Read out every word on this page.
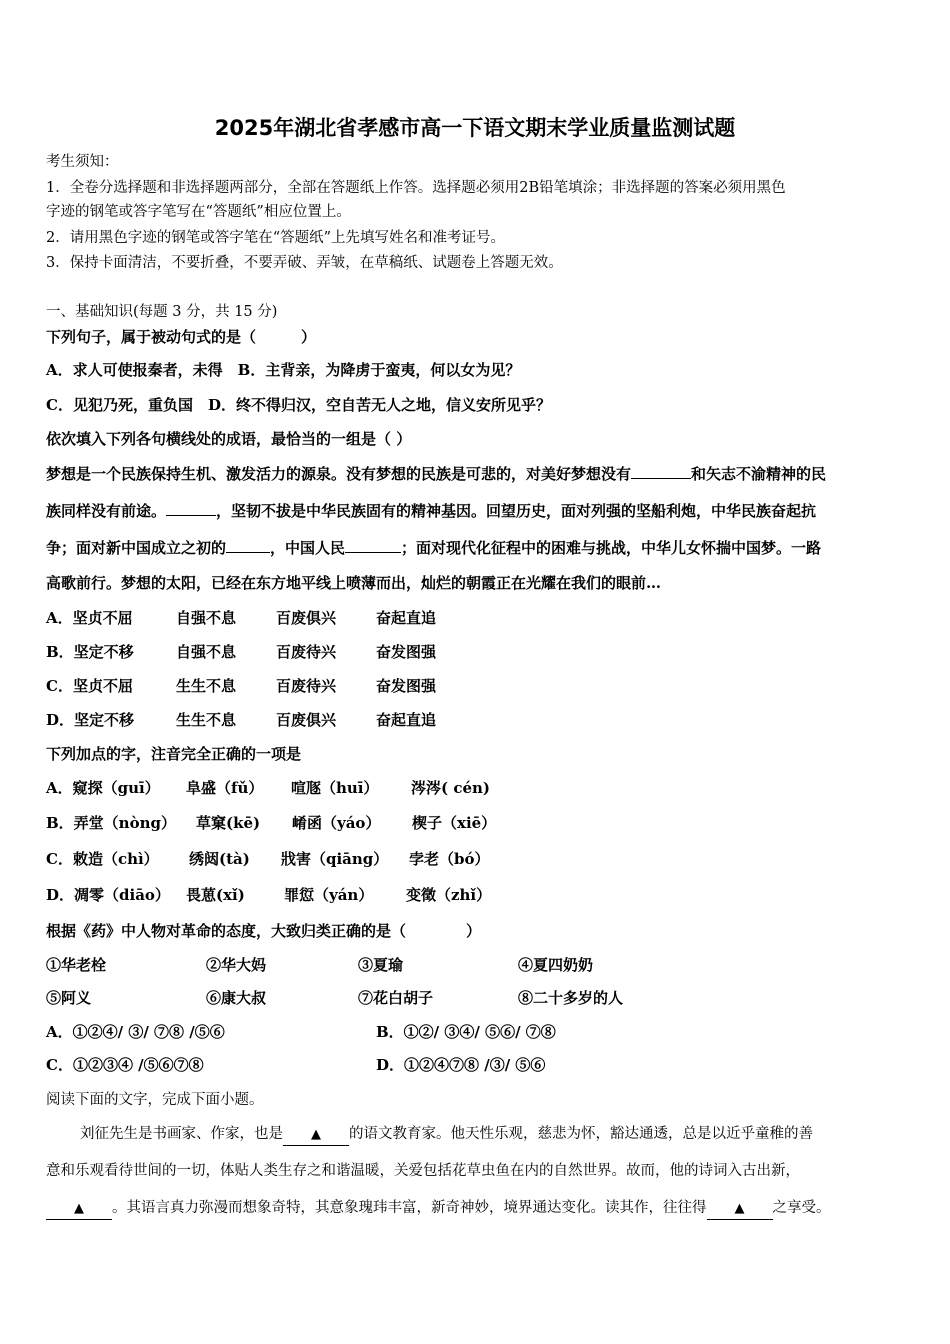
2025年湖北省孝感市高一下语文期末学业质量监测试题
考生须知：
1．全卷分选择题和非选择题两部分，全部在答题纸上作答。选择题必须用2B铅笔填涂；非选择题的答案必须用黑色
字迹的钢笔或答字笔写在“答题纸”相应位置上。
2．请用黑色字迹的钢笔或答字笔在“答题纸”上先填写姓名和准考证号。
3．保持卡面清洁，不要折叠，不要弄破、弄皱，在草稿纸、试题卷上答题无效。
一、基础知识(每题 3 分，共 15 分)
下列句子，属于被动句式的是（　　　）
A．求人可使报秦者，未得　B．主背亲，为降虏于蛮夷，何以女为见？
C．见犯乃死，重负国　D．终不得归汉，空自苦无人之地，信义安所见乎？
依次填入下列各句横线处的成语，最恰当的一组是（ ）
梦想是一个民族保持生机、激发活力的源泉。没有梦想的民族是可悲的，对美好梦想没有	和矢志不渝精神的民
族同样没有前途。	，坚韧不拔是中华民族固有的精神基因。回望历史，面对列强的坚船利炮，中华民族奋起抗
争；面对新中国成立之初的	，中国人民	；面对现代化征程中的困难与挑战，中华儿女怀揣中国梦。一路
高歌前行。梦想的太阳，已经在东方地平线上喷薄而出，灿烂的朝霞正在光耀在我们的眼前…
A．坚贞不屈	自强不息	百废俱兴	奋起直追
B．坚定不移	自强不息	百废待兴	奋发图强
C．坚贞不屈	生生不息	百废待兴	奋发图强
D．坚定不移	生生不息	百废俱兴	奋起直追
下列加点的字，注音完全正确的一项是
A．窥探（guī） 阜盛（fǔ） 喧豗（huī） 涔涔( cén)
B．弄堂（nòng） 草窠(kē) 崤函（yáo） 楔子（xiē）
C．敕造（chì） 绣闼(tà) 戕害（qiāng） 孛老（bó）
D．凋零（diāo） 畏葸(xǐ)	罪愆（yán） 变徵（zhǐ）
根据《药》中人物对革命的态度，大致归类正确的是（　　　　）
①华老栓	②华大妈	③夏瑜	④夏四奶奶
⑤阿义	⑥康大叔	⑦花白胡子	⑧二十多岁的人
A．①②④/ ③/ ⑦⑧ /⑤⑥	B．①②/ ③④/ ⑤⑥/ ⑦⑧
C．①②③④ /⑤⑥⑦⑧	D．①②④⑦⑧ /③/ ⑤⑥
阅读下面的文字，完成下面小题。
刘征先生是书画家、作家，也是 ▲ 的语文教育家。他天性乐观，慈悲为怀，豁达通透，总是以近乎童稚的善
意和乐观看待世间的一切，体贴人类生存之和谐温暖，关爱包括花草虫鱼在内的自然世界。故而，他的诗词入古出新，
▲ 。其语言真力弥漫而想象奇特，其意象瑰玮丰富，新奇神妙，境界通达变化。读其作，往往得 ▲ 之享受。
